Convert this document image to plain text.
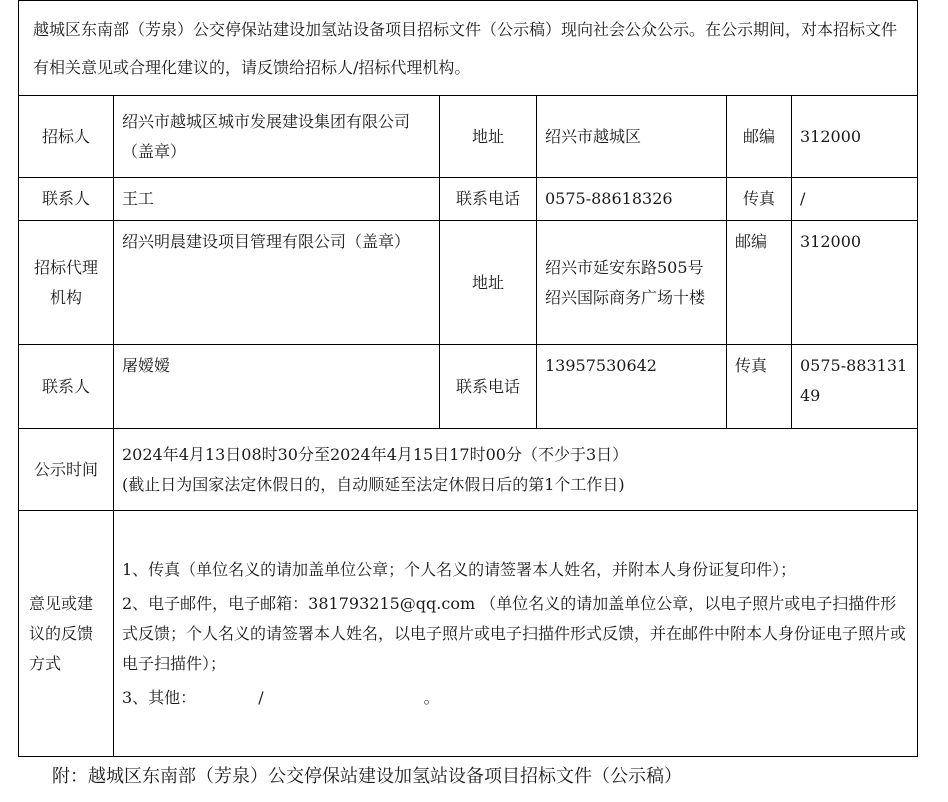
越城区东南部（芳泉）公交停保站建设加氢站设备项目招标文件（公示稿）现向社会公众公示。在公示期间，对本招标文件有相关意见或合理化建议的，请反馈给招标人/招标代理机构。					
招标人	绍兴市越城区城市发展建设集团有限公司（盖章）	地址	绍兴市越城区	邮编	312000
联系人	王工	联系电话	0575-88618326	传真	/
招标代理机构	绍兴明晨建设项目管理有限公司（盖章）	地址	绍兴市延安东路505号绍兴国际商务广场十楼	邮编	312000
联系人	屠嫒嫒	联系电话	13957530642	传真	0575-88313149
公示时间	2024年4月13日08时30分至2024年4月15日17时00分（不少于3日）
(截止日为国家法定休假日的，自动顺延至法定休假日后的第1个工作日)				

意见或建议的反馈方式	1、传真（单位名义的请加盖单位公章；个人名义的请签署本人姓名，并附本人身份证复印件）；
2、电子邮件，电子邮箱：381793215@qq.com （单位名义的请加盖单位公章，以电子照片或电子扫描件形式反馈；个人名义的请签署本人姓名，以电子照片或电子扫描件形式反馈，并在邮件中附本人身份证电子照片或电子扫描件）；
3、其他： / 。				
附：越城区东南部（芳泉）公交停保站建设加氢站设备项目招标文件（公示稿）
